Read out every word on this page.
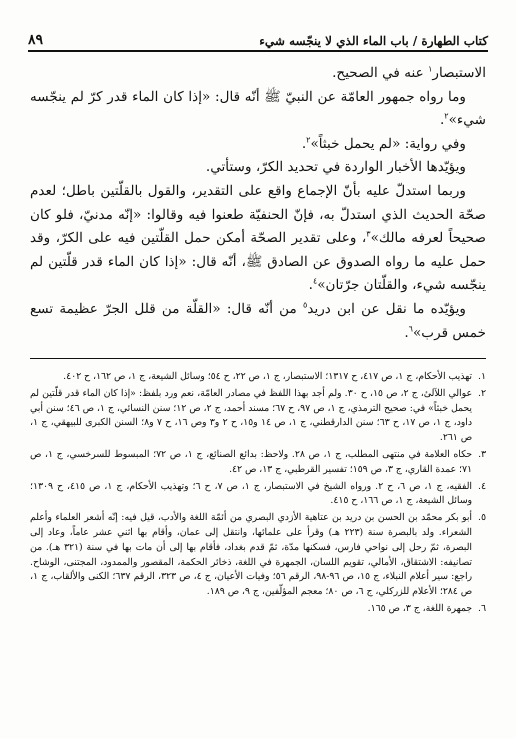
كتاب الطهارة / باب الماء الذي لا ينجّسه شيء
٨٩

الاستبصار$^١$ عنه في الصحيح.

وما رواه جمهور العامّة عن النبيّ ﷺ أنّه قال: «إذا كان الماء قدر كرّ لم ينجّسه شيء»$^٢$.

وفي رواية: «لم يحمل خبثاً»$^٢$.

ويؤيّدها الأخبار الواردة في تحديد الكرّ، وستأتي.

وربما استدلّ عليه بأنّ الإجماع واقع على التقدير، والقول بالقلّتين باطل؛ لعدم صحّة الحديث الذي استدلّ به، فإنّ الحنفيّة طعنوا فيه وقالوا: «إنّه مدنيّ، فلو كان صحيحاً لعرفه مالك»$^٣$، وعلى تقدير الصحّة أمكن حمل القلّتين فيه على الكرّ، وقد حمل عليه ما رواه الصدوق عن الصادق ﷺ، أنّه قال: «إذا كان الماء قدر قلّتين لم ينجّسه شيء، والقلّتان جرّتان»$^٤$.

ويؤيّده ما نقل عن ابن دريد$^٥$ من أنّه قال: «القلّة من قلل الجرّ عظيمة تسع خمس قرب»$^٦$.

١.تهذيب الأحكام، ج ١، ص ٤١٧، ح ١٣١٧؛ الاستبصار، ج ١، ص ٢٢، ح ٥٤؛ وسائل الشيعة، ج ١، ص ١٦٢، ح ٤٠٢.

٢.عوالي اللآلئ، ج ٢، ص ١٥، ح ٣٠. ولم أجد بهذا اللفظ في مصادر العامّة، نعم ورد بلفظ: «إذا كان الماء قدر قلّتين لم يحمل خبثاً» في: صحيح الترمذي، ج ١، ص ٩٧، ح ٦٧؛ مسند أحمد، ج ٢، ص ١٢؛ سنن النسائي، ج ١، ص ٤٦؛ سنن أبي داود، ج ١، ص ١٧، ح ٦٣؛ سنن الدارقطني، ج ١، ص ١٤ و١٥، ح ٢ و٣ وص ١٦، ح ٧ و٨؛ السنن الكبرى للبيهقي، ج ١، ص ٢٦١.

٣.حكاه العلامة في منتهى المطلب، ج ١، ص ٢٨. ولاحظ: بدائع الصنائع، ج ١، ص ٧٢؛ المبسوط للسرخسي، ج ١، ص ٧١؛ عمدة القاري، ج ٣، ص ١٥٩؛ تفسير القرطبي، ج ١٣، ص ٤٢.

٤.الفقيه، ج ١، ص ٦، ح ٢. ورواه الشيخ في الاستبصار، ج ١، ص ٧، ح ٦؛ وتهذيب الأحكام، ج ١، ص ٤١٥، ح ١٣٠٩؛ وسائل الشيعة، ج ١، ص ١٦٦، ح ٤١٥.

٥.أبو بكر محمّد بن الحسن بن دريد بن عتاهية الأزدي البصري من أئمّة اللغة والأدب، قيل فيه: إنّه أشعر العلماء وأعلم الشعراء. ولد بالبصرة سنة (٢٢٣ هـ) وقرأ على علمائها، وانتقل إلى عمان، وأقام بها اثني عشر عاماً، وعاد إلى البصرة، ثمّ رحل إلى نواحي فارس، فسكنها مدّة، ثمّ قدم بغداد، فأقام بها إلى أن مات بها في سنة (٣٢١ هـ). من تصانيفه: الاشتقاق، الأمالي، تقويم اللسان، الجمهرة في اللغة، ذخائر الحكمة، المقصور والممدود، المجتنى، الوشاح. راجع: سير أعلام النبلاء، ج ١٥، ص ٩٦-٩٨، الرقم ٥٦؛ وفيات الأعيان، ج ٤، ص ٣٢٣، الرقم ٦٣٧؛ الكنى والألقاب، ج ١، ص ٢٨٤؛ الأعلام للزركلي، ج ٦، ص ٨٠؛ معجم المؤلّفين، ج ٩، ص ١٨٩.

٦.جمهرة اللغة، ج ٣، ص ١٦٥.
